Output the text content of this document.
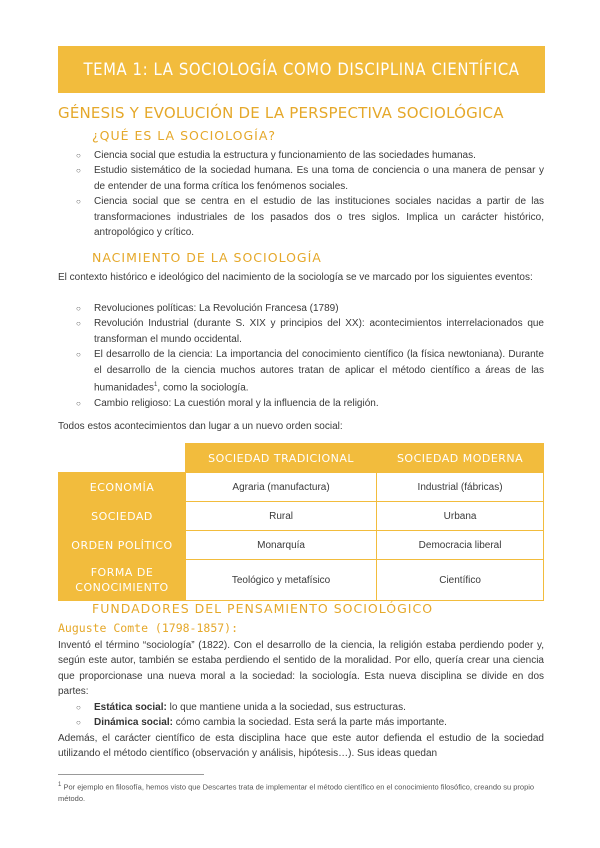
TEMA 1: LA SOCIOLOGÍA COMO DISCIPLINA CIENTÍFICA
GÉNESIS Y EVOLUCIÓN DE LA PERSPECTIVA SOCIOLÓGICA
¿QUÉ ES LA SOCIOLOGÍA?
○ Ciencia social que estudia la estructura y funcionamiento de las sociedades humanas.
○ Estudio sistemático de la sociedad humana. Es una toma de conciencia o una manera de pensar y de entender de una forma crítica los fenómenos sociales.
○ Ciencia social que se centra en el estudio de las instituciones sociales nacidas a partir de las transformaciones industriales de los pasados dos o tres siglos. Implica un carácter histórico, antropológico y crítico.
NACIMIENTO DE LA SOCIOLOGÍA
El contexto histórico e ideológico del nacimiento de la sociología se ve marcado por los siguientes eventos:
○ Revoluciones políticas: La Revolución Francesa (1789)
○ Revolución Industrial (durante S. XIX y principios del XX): acontecimientos interrelacionados que transforman el mundo occidental.
○ El desarrollo de la ciencia: La importancia del conocimiento científico (la física newtoniana). Durante el desarrollo de la ciencia muchos autores tratan de aplicar el método científico a áreas de las humanidades$^1$, como la sociología.
○ Cambio religioso: La cuestión moral y la influencia de la religión.
Todos estos acontecimientos dan lugar a un nuevo orden social:
	SOCIEDAD TRADICIONAL	SOCIEDAD MODERNA
ECONOMÍA	Agraria (manufactura)	Industrial (fábricas)
SOCIEDAD	Rural	Urbana
ORDEN POLÍTICO	Monarquía	Democracia liberal
FORMA DE CONOCIMIENTO	Teológico y metafísico	Científico
FUNDADORES DEL PENSAMIENTO SOCIOLÓGICO
Auguste Comte (1798-1857):
Inventó el término “sociología” (1822). Con el desarrollo de la ciencia, la religión estaba perdiendo poder y, según este autor, también se estaba perdiendo el sentido de la moralidad. Por ello, quería crear una ciencia que proporcionase una nueva moral a la sociedad: la sociología. Esta nueva disciplina se divide en dos partes:
○ Estática social: lo que mantiene unida a la sociedad, sus estructuras.
○ Dinámica social: cómo cambia la sociedad. Esta será la parte más importante.
Además, el carácter científico de esta disciplina hace que este autor defienda el estudio de la sociedad utilizando el método científico (observación y análisis, hipótesis…). Sus ideas quedan
$^1$ Por ejemplo en filosofía, hemos visto que Descartes trata de implementar el método científico en el conocimiento filosófico, creando su propio método.
